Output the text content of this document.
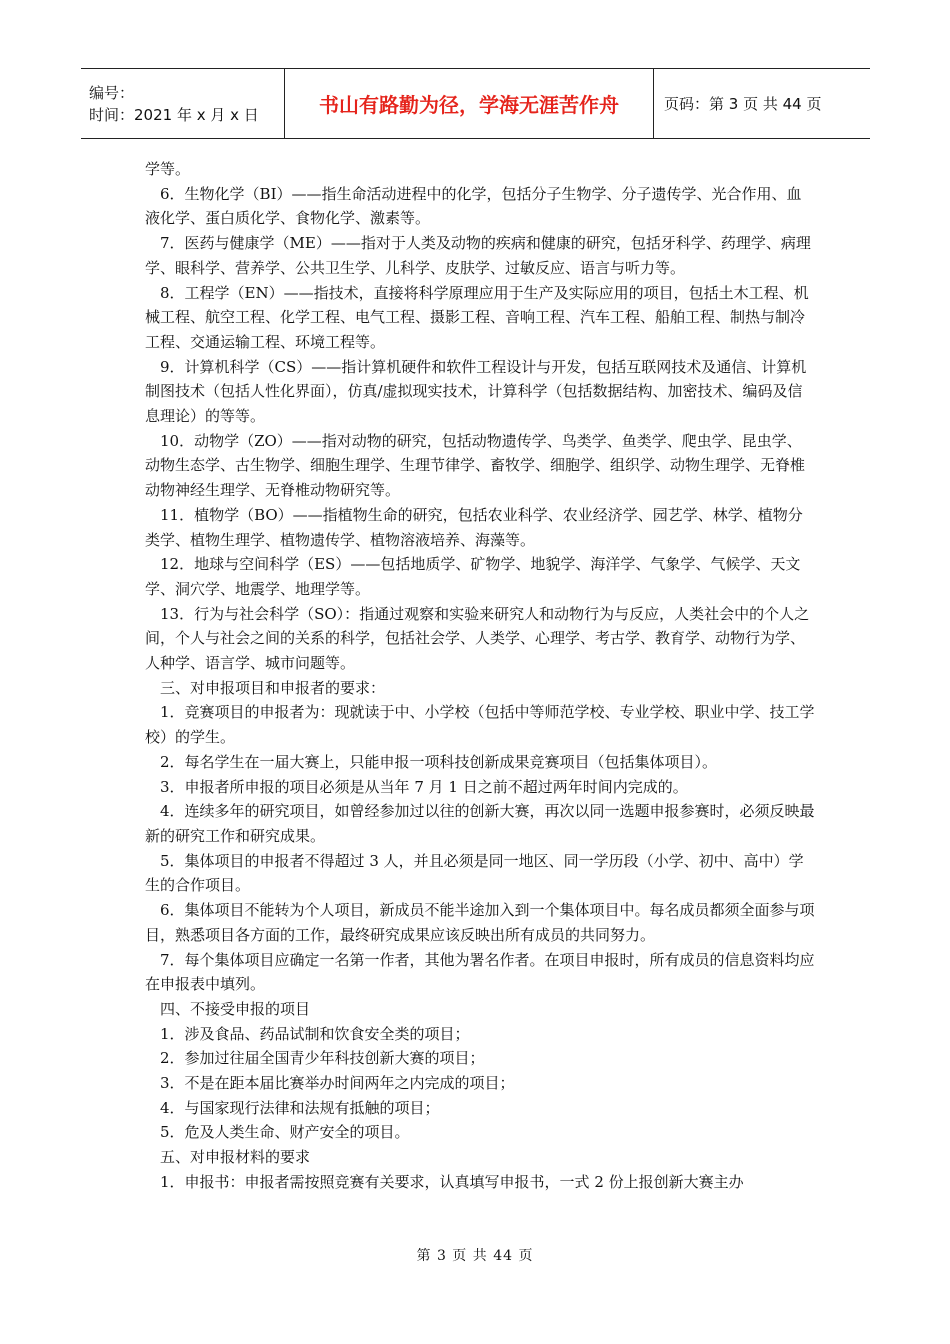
编号：
时间：2021 年 x 月 x 日	书山有路勤为径，学海无涯苦作舟	页码：第 3 页 共 44 页

学等。

6．生物化学（BI）——指生命活动进程中的化学，包括分子生物学、分子遗传学、光合作用、血液化学、蛋白质化学、食物化学、激素等。

7．医药与健康学（ME）——指对于人类及动物的疾病和健康的研究，包括牙科学、药理学、病理学、眼科学、营养学、公共卫生学、儿科学、皮肤学、过敏反应、语言与听力等。

8．工程学（EN）——指技术，直接将科学原理应用于生产及实际应用的项目，包括土木工程、机械工程、航空工程、化学工程、电气工程、摄影工程、音响工程、汽车工程、船舶工程、制热与制冷工程、交通运输工程、环境工程等。

9．计算机科学（CS）——指计算机硬件和软件工程设计与开发，包括互联网技术及通信、计算机制图技术（包括人性化界面），仿真/虚拟现实技术，计算科学（包括数据结构、加密技术、编码及信息理论）的等等。

10．动物学（ZO）——指对动物的研究，包括动物遗传学、鸟类学、鱼类学、爬虫学、昆虫学、动物生态学、古生物学、细胞生理学、生理节律学、畜牧学、细胞学、组织学、动物生理学、无脊椎动物神经生理学、无脊椎动物研究等。

11．植物学（BO）——指植物生命的研究，包括农业科学、农业经济学、园艺学、林学、植物分类学、植物生理学、植物遗传学、植物溶液培养、海藻等。

12．地球与空间科学（ES）——包括地质学、矿物学、地貌学、海洋学、气象学、气候学、天文学、洞穴学、地震学、地理学等。

13．行为与社会科学（SO）：指通过观察和实验来研究人和动物行为与反应，人类社会中的个人之间，个人与社会之间的关系的科学，包括社会学、人类学、心理学、考古学、教育学、动物行为学、人种学、语言学、城市问题等。

三、对申报项目和申报者的要求：

1．竞赛项目的申报者为：现就读于中、小学校（包括中等师范学校、专业学校、职业中学、技工学校）的学生。

2．每名学生在一届大赛上，只能申报一项科技创新成果竞赛项目（包括集体项目）。

3．申报者所申报的项目必须是从当年 7 月 1 日之前不超过两年时间内完成的。

4．连续多年的研究项目，如曾经参加过以往的创新大赛，再次以同一选题申报参赛时，必须反映最新的研究工作和研究成果。

5．集体项目的申报者不得超过 3 人，并且必须是同一地区、同一学历段（小学、初中、高中）学生的合作项目。

6．集体项目不能转为个人项目，新成员不能半途加入到一个集体项目中。每名成员都须全面参与项目，熟悉项目各方面的工作，最终研究成果应该反映出所有成员的共同努力。

7．每个集体项目应确定一名第一作者，其他为署名作者。在项目申报时，所有成员的信息资料均应在申报表中填列。

四、不接受申报的项目

1．涉及食品、药品试制和饮食安全类的项目；

2．参加过往届全国青少年科技创新大赛的项目；

3．不是在距本届比赛举办时间两年之内完成的项目；

4．与国家现行法律和法规有抵触的项目；

5．危及人类生命、财产安全的项目。

五、对申报材料的要求

1．申报书：申报者需按照竞赛有关要求，认真填写申报书，一式 2 份上报创新大赛主办

第 3 页 共 44 页
